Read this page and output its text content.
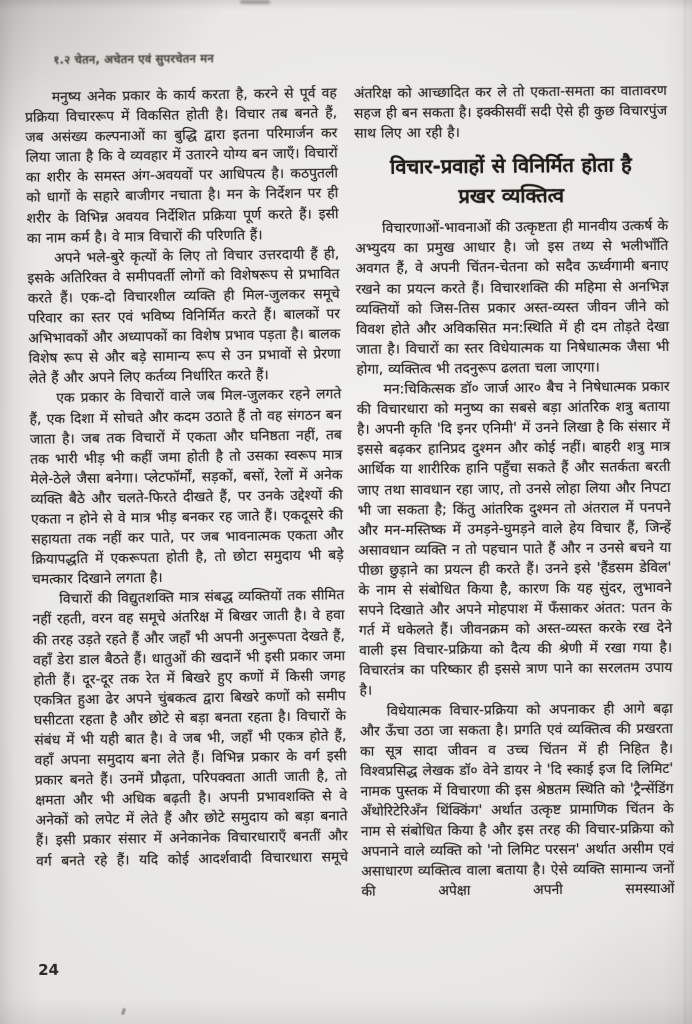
१.२ चेतन, अचेतन एवं सुपरचेतन मन

मनुष्य अनेक प्रकार के कार्य करता है, करने से पूर्व वह प्रक्रिया विचाररूप में विकसित होती है। विचार तब बनते हैं, जब असंख्य कल्पनाओं का बुद्धि द्वारा इतना परिमार्जन कर लिया जाता है कि वे व्यवहार में उतारने योग्य बन जाएँ। विचारों का शरीर के समस्त अंग-अवयवों पर आधिपत्य है। कठपुतली को धागों के सहारे बाजीगर नचाता है। मन के निर्देशन पर ही शरीर के विभिन्न अवयव निर्देशित प्रक्रिया पूर्ण करते हैं। इसी का नाम कर्म है। वे मात्र विचारों की परिणति हैं।

अपने भले-बुरे कृत्यों के लिए तो विचार उत्तरदायी हैं ही, इसके अतिरिक्त वे समीपवर्ती लोगों को विशेषरूप से प्रभावित करते हैं। एक-दो विचारशील व्यक्ति ही मिल-जुलकर समूचे परिवार का स्तर एवं भविष्य विनिर्मित करते हैं। बालकों पर अभिभावकों और अध्यापकों का विशेष प्रभाव पड़ता है। बालक विशेष रूप से और बड़े सामान्य रूप से उन प्रभावों से प्रेरणा लेते हैं और अपने लिए कर्तव्य निर्धारित करते हैं।

एक प्रकार के विचारों वाले जब मिल-जुलकर रहने लगते हैं, एक दिशा में सोचते और कदम उठाते हैं तो वह संगठन बन जाता है। जब तक विचारों में एकता और घनिष्ठता नहीं, तब तक भारी भीड़ भी कहीं जमा होती है तो उसका स्वरूप मात्र मेले-ठेले जैसा बनेगा। प्लेटफॉर्मों, सड़कों, बसों, रेलों में अनेक व्यक्ति बैठे और चलते-फिरते दीखते हैं, पर उनके उद्देश्यों की एकता न होने से वे मात्र भीड़ बनकर रह जाते हैं। एकदूसरे की सहायता तक नहीं कर पाते, पर जब भावनात्मक एकता और क्रियापद्धति में एकरूपता होती है, तो छोटा समुदाय भी बड़े चमत्कार दिखाने लगता है।

विचारों की विद्युतशक्ति मात्र संबद्ध व्यक्तियों तक सीमित नहीं रहती, वरन वह समूचे अंतरिक्ष में बिखर जाती है। वे हवा की तरह उड़ते रहते हैं और जहाँ भी अपनी अनुरूपता देखते हैं, वहाँ डेरा डाल बैठते हैं। धातुओं की खदानें भी इसी प्रकार जमा होती हैं। दूर-दूर तक रेत में बिखरे हुए कणों में किसी जगह एकत्रित हुआ ढेर अपने चुंबकत्व द्वारा बिखरे कणों को समीप घसीटता रहता है और छोटे से बड़ा बनता रहता है। विचारों के संबंध में भी यही बात है। वे जब भी, जहाँ भी एकत्र होते हैं, वहाँ अपना समुदाय बना लेते हैं। विभिन्न प्रकार के वर्ग इसी प्रकार बनते हैं। उनमें प्रौढ़ता, परिपक्वता आती जाती है, तो क्षमता और भी अधिक बढ़ती है। अपनी प्रभावशक्ति से वे अनेकों को लपेट में लेते हैं और छोटे समुदाय को बड़ा बनाते हैं। इसी प्रकार संसार में अनेकानेक विचारधाराएँ बनतीं और वर्ग बनते रहे हैं। यदि कोई आदर्शवादी विचारधारा समूचे

अंतरिक्ष को आच्छादित कर ले तो एकता-समता का वातावरण सहज ही बन सकता है। इक्कीसवीं सदी ऐसे ही कुछ विचारपुंज साथ लिए आ रही है।

विचार-प्रवाहों से विनिर्मित होता है
प्रखर व्यक्तित्व

विचारणाओं-भावनाओं की उत्कृष्टता ही मानवीय उत्कर्ष के अभ्युदय का प्रमुख आधार है। जो इस तथ्य से भलीभाँति अवगत हैं, वे अपनी चिंतन-चेतना को सदैव ऊर्ध्वगामी बनाए रखने का प्रयत्न करते हैं। विचारशक्ति की महिमा से अनभिज्ञ व्यक्तियों को जिस-तिस प्रकार अस्त-व्यस्त जीवन जीने को विवश होते और अविकसित मन:स्थिति में ही दम तोड़ते देखा जाता है। विचारों का स्तर विधेयात्मक या निषेधात्मक जैसा भी होगा, व्यक्तित्व भी तदनुरूप ढलता चला जाएगा।

मन:चिकित्सक डॉ० जार्ज आर० बैच ने निषेधात्मक प्रकार की विचारधारा को मनुष्य का सबसे बड़ा आंतरिक शत्रु बताया है। अपनी कृति 'दि इनर एनिमी' में उनने लिखा है कि संसार में इससे बढ़कर हानिप्रद दुश्मन और कोई नहीं। बाहरी शत्रु मात्र आर्थिक या शारीरिक हानि पहुँचा सकते हैं और सतर्कता बरती जाए तथा सावधान रहा जाए, तो उनसे लोहा लिया और निपटा भी जा सकता है; किंतु आंतरिक दुश्मन तो अंतराल में पनपने और मन-मस्तिष्क में उमड़ने-घुमड़ने वाले हेय विचार हैं, जिन्हें असावधान व्यक्ति न तो पहचान पाते हैं और न उनसे बचने या पीछा छुड़ाने का प्रयत्न ही करते हैं। उनने इसे 'हैंडसम डेविल' के नाम से संबोधित किया है, कारण कि यह सुंदर, लुभावने सपने दिखाते और अपने मोहपाश में फँसाकर अंतत: पतन के गर्त में धकेलते हैं। जीवनक्रम को अस्त-व्यस्त करके रख देने वाली इस विचार-प्रक्रिया को दैत्य की श्रेणी में रखा गया है। विचारतंत्र का परिष्कार ही इससे त्राण पाने का सरलतम उपाय है।

विधेयात्मक विचार-प्रक्रिया को अपनाकर ही आगे बढ़ा और ऊँचा उठा जा सकता है। प्रगति एवं व्यक्तित्व की प्रखरता का सूत्र सादा जीवन व उच्च चिंतन में ही निहित है। विश्वप्रसिद्ध लेखक डॉ० वेने डायर ने 'दि स्काई इज दि लिमिट' नामक पुस्तक में विचारणा की इस श्रेष्ठतम स्थिति को 'ट्रैन्सेंडिंग अँथोरिटेरिअँन थिंक्किंग' अर्थात उत्कृष्ट प्रामाणिक चिंतन के नाम से संबोधित किया है और इस तरह की विचार-प्रक्रिया को अपनाने वाले व्यक्ति को 'नो लिमिट परसन' अर्थात असीम एवं असाधारण व्यक्तित्व वाला बताया है। ऐसे व्यक्ति सामान्य जनों की अपेक्षा अपनी समस्याओं

24
